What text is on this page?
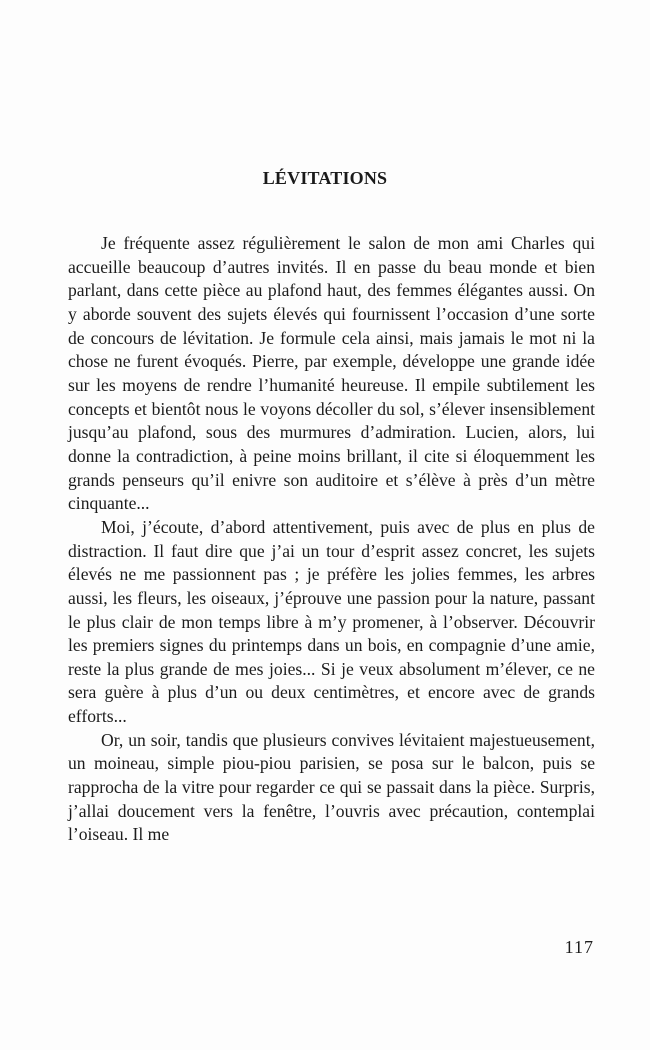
LÉVITATIONS

Je fréquente assez régulièrement le salon de mon ami Charles qui accueille beaucoup d’autres invités. Il en passe du beau monde et bien parlant, dans cette pièce au plafond haut, des femmes élégantes aussi. On y aborde souvent des sujets élevés qui fournissent l’occasion d’une sorte de concours de lévitation. Je formule cela ainsi, mais jamais le mot ni la chose ne furent évoqués. Pierre, par exemple, développe une grande idée sur les moyens de rendre l’humanité heureuse. Il empile subtilement les concepts et bientôt nous le voyons décoller du sol, s’élever insensiblement jusqu’au plafond, sous des murmures d’admiration. Lucien, alors, lui donne la contradiction, à peine moins brillant, il cite si éloquemment les grands penseurs qu’il enivre son auditoire et s’élève à près d’un mètre cinquante...

Moi, j’écoute, d’abord attentivement, puis avec de plus en plus de distraction. Il faut dire que j’ai un tour d’esprit assez concret, les sujets élevés ne me passionnent pas ; je préfère les jolies femmes, les arbres aussi, les fleurs, les oiseaux, j’éprouve une passion pour la nature, passant le plus clair de mon temps libre à m’y promener, à l’observer. Découvrir les premiers signes du printemps dans un bois, en compagnie d’une amie, reste la plus grande de mes joies... Si je veux absolument m’élever, ce ne sera guère à plus d’un ou deux centimètres, et encore avec de grands efforts...

Or, un soir, tandis que plusieurs convives lévitaient majestueusement, un moineau, simple piou-piou parisien, se posa sur le balcon, puis se rapprocha de la vitre pour regarder ce qui se passait dans la pièce. Surpris, j’allai doucement vers la fenêtre, l’ouvris avec précaution, contemplai l’oiseau. Il me

117
